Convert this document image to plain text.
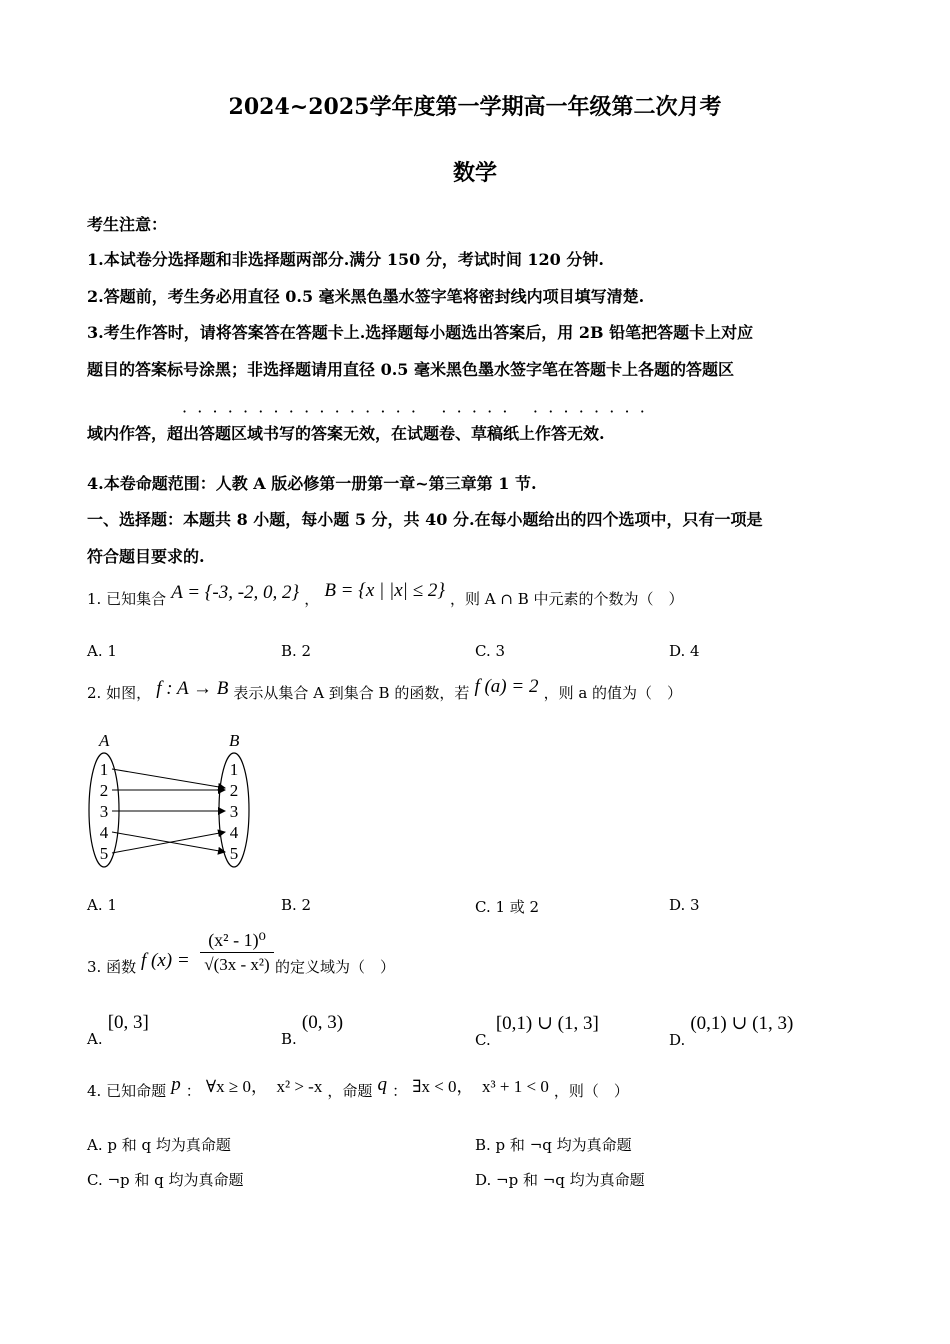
2024~2025学年度第一学期高一年级第二次月考
数学
考生注意：
1.本试卷分选择题和非选择题两部分.满分 150 分，考试时间 120 分钟.
2.答题前，考生务必用直径 0.5 毫米黑色墨水签字笔将密封线内项目填写清楚.
3.考生作答时，请将答案答在答题卡上.选择题每小题选出答案后，用 2B 铅笔把答题卡上对应
题目的答案标号涂黑；非选择题请用直径 0.5 毫米黑色墨水签字笔在答题卡上各题的答题区
·  ·  ·  ·  ·  ·  ·  ·  ·  ·  ·  ·  ·  ·  ·  ·     ·  ·  ·  ·  ·     ·  ·  ·  ·  ·  ·  ·  ·
域内作答，超出答题区域书写的答案无效，在试题卷、草稿纸上作答无效.
4.本卷命题范围：人教 A 版必修第一册第一章~第三章第 1 节.
一、选择题：本题共 8 小题，每小题 5 分，共 40 分.在每小题给出的四个选项中，只有一项是
符合题目要求的.
1. 已知集合 A = {-3, -2, 0, 2} ， B = {x | |x| ≤ 2} ，则 A ∩ B 中元素的个数为（　）
A. 1	B. 2	C. 3	D. 4
2. 如图， f : A → B 表示从集合 A 到集合 B 的函数，若 f (a) = 2 ，则 a 的值为（　）
A	B
1
2
3
4
5
1
2
3
4
5
A. 1	B. 2	C. 1 或 2	D. 3
3. 函数 f (x) =
(x² - 1)⁰
√(3x - x²) 的定义域为（　）
A. [0, 3]
B. (0, 3)
C. [0,1) ∪ (1, 3]
D. (0,1) ∪ (1, 3)
4. 已知命题 p ： ∀x ≥ 0，　x² > -x ，命题 q ： ∃x < 0，　x³ + 1 < 0 ，则（　）
A. p 和 q 均为真命题	B. p 和 ¬q 均为真命题
C. ¬p 和 q 均为真命题	D. ¬p 和 ¬q 均为真命题
